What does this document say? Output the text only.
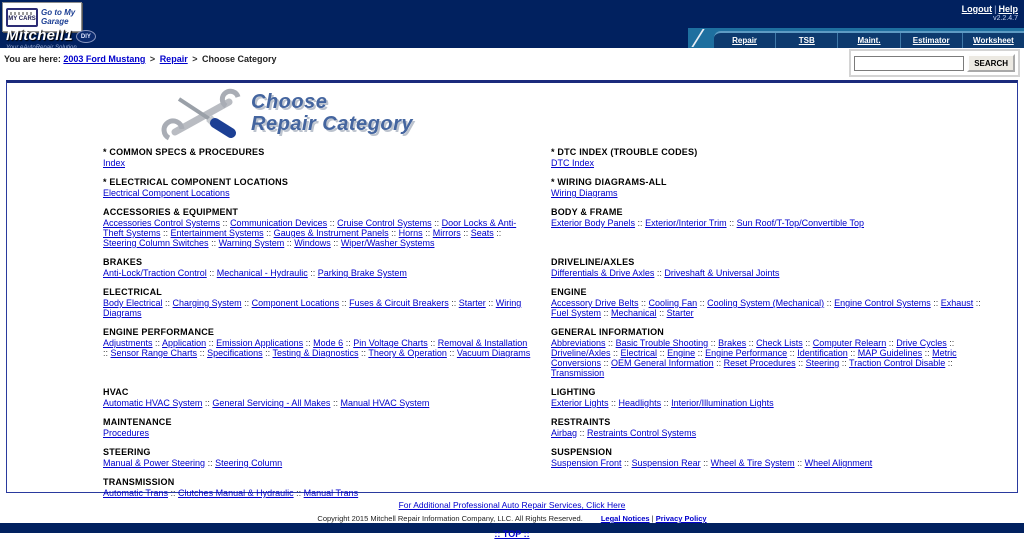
MY CARS
Go to My
Garage
Logout | Help
v2.2.4.7
Mitchell1 DIY	Repair	TSB	Maint.	Estimator	Worksheet
You are here: 2003 Ford Mustang > Repair > Choose Category	SEARCH
Choose
Repair Category
* COMMON SPECS & PROCEDURES
Index
* DTC INDEX (TROUBLE CODES)
DTC Index
* ELECTRICAL COMPONENT LOCATIONS
Electrical Component Locations
* WIRING DIAGRAMS-ALL
Wiring Diagrams
ACCESSORIES & EQUIPMENT
Accessories Control Systems :: Communication Devices :: Cruise Control Systems :: Door Locks & Anti-Theft Systems :: Entertainment Systems :: Gauges & Instrument Panels :: Horns :: Mirrors :: Seats :: Steering Column Switches :: Warning System :: Windows :: Wiper/Washer Systems
BODY & FRAME
Exterior Body Panels :: Exterior/Interior Trim :: Sun Roof/T-Top/Convertible Top
BRAKES
Anti-Lock/Traction Control :: Mechanical - Hydraulic :: Parking Brake System
DRIVELINE/AXLES
Differentials & Drive Axles :: Driveshaft & Universal Joints
ELECTRICAL
Body Electrical :: Charging System :: Component Locations :: Fuses & Circuit Breakers :: Starter :: Wiring Diagrams
ENGINE
Accessory Drive Belts :: Cooling Fan :: Cooling System (Mechanical) :: Engine Control Systems :: Exhaust :: Fuel System :: Mechanical :: Starter
ENGINE PERFORMANCE
Adjustments :: Application :: Emission Applications :: Mode 6 :: Pin Voltage Charts :: Removal & Installation :: Sensor Range Charts :: Specifications :: Testing & Diagnostics :: Theory & Operation :: Vacuum Diagrams
GENERAL INFORMATION
Abbreviations :: Basic Trouble Shooting :: Brakes :: Check Lists :: Computer Relearn :: Drive Cycles :: Driveline/Axles :: Electrical :: Engine :: Engine Performance :: Identification :: MAP Guidelines :: Metric Conversions :: OEM General Information :: Reset Procedures :: Steering :: Traction Control Disable :: Transmission
HVAC
Automatic HVAC System :: General Servicing - All Makes :: Manual HVAC System
LIGHTING
Exterior Lights :: Headlights :: Interior/Illumination Lights
MAINTENANCE
Procedures
RESTRAINTS
Airbag :: Restraints Control Systems
STEERING
Manual & Power Steering :: Steering Column
SUSPENSION
Suspension Front :: Suspension Rear :: Wheel & Tire System :: Wheel Alignment
TRANSMISSION
Automatic Trans :: Clutches Manual & Hydraulic :: Manual Trans
For Additional Professional Auto Repair Services, Click Here
Copyright 2015 Mitchell Repair Information Company, LLC. All Rights Reserved. Legal Notices | Privacy Policy
:: TOP ::
